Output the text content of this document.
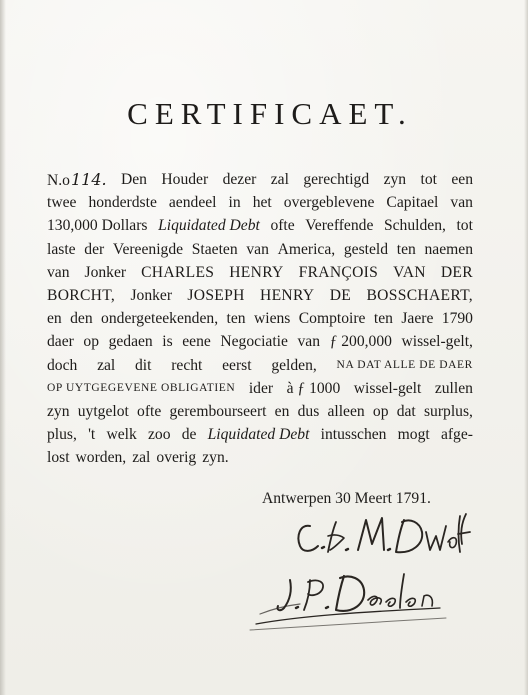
CERTIFICAET.
N.o114. Den Houder dezer zal gerechtigd zyn tot een
twee honderdste aendeel in het overgeblevene Capitael van
130,000 Dollars Liquidated Debt ofte Vereffende Schulden, tot
laste der Vereenigde Staeten van America, gesteld ten naemen
van Jonker CHARLES HENRY FRANÇOIS VAN DER
BORCHT, Jonker JOSEPH HENRY DE BOSSCHAERT,
en den ondergeteekenden, ten wiens Comptoire ten Jaere 1790
daer op gedaen is eene Negociatie van ƒ 200,000 wissel-gelt,
doch zal dit recht eerst gelden, NA DAT ALLE DE DAER
OP UYTGEGEVENE OBLIGATIEN ider à ƒ 1000 wissel-gelt zullen
zyn uytgelot ofte gerembourseert en dus alleen op dat surplus,
plus, 't welk zoo de Liquidated Debt intusschen mogt afge-
lost worden, zal overig zyn.
Antwerpen 30 Meert 1791.
